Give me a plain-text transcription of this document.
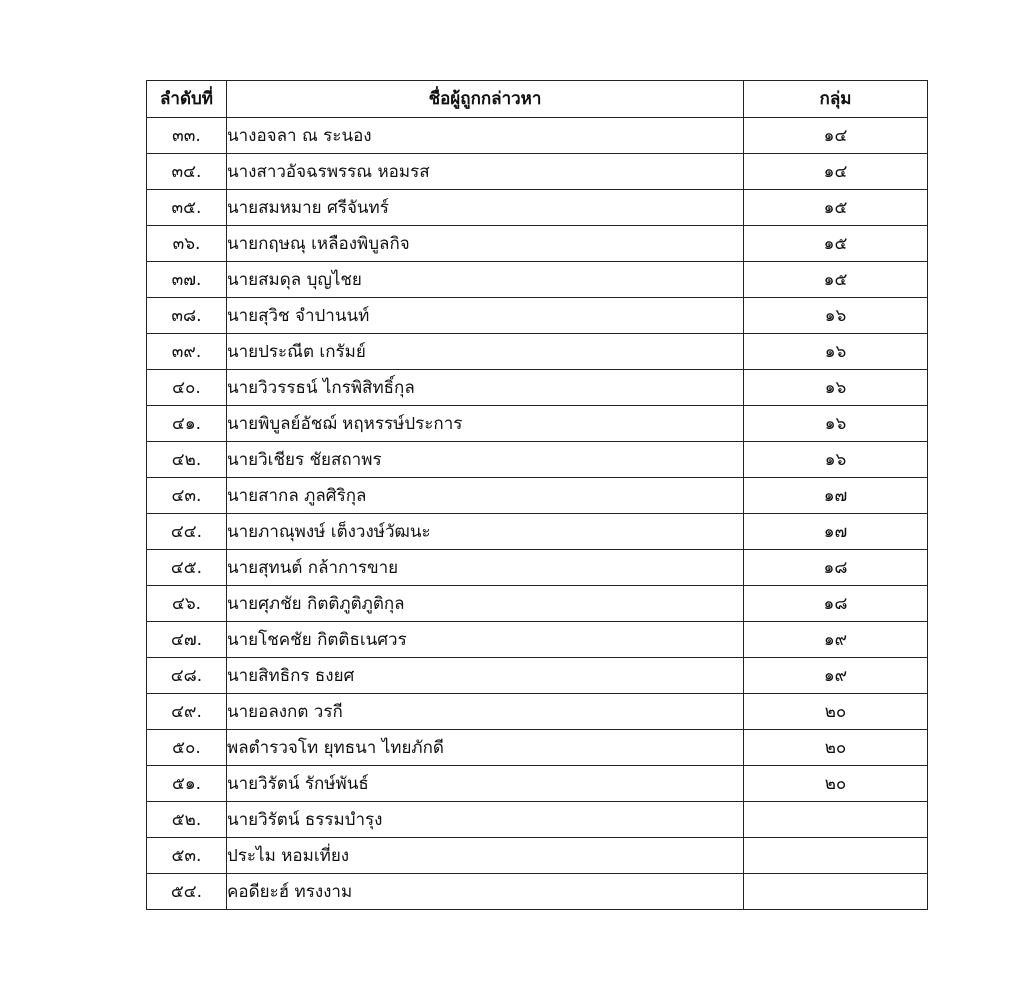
ลำดับที่	ชื่อผู้ถูกกล่าวหา	กลุ่ม
๓๓.	นางอจลา ณ ระนอง	๑๔
๓๔.	นางสาวอัจฉรพรรณ หอมรส	๑๔
๓๕.	นายสมหมาย ศรีจันทร์	๑๕
๓๖.	นายกฤษณุ เหลืองพิบูลกิจ	๑๕
๓๗.	นายสมดุล บุญไชย	๑๕
๓๘.	นายสุวิช จำปานนท์	๑๖
๓๙.	นายประณีต เกรัมย์	๑๖
๔๐.	นายวิวรรธน์ ไกรพิสิทธิ์กุล	๑๖
๔๑.	นายพิบูลย์อัชฌ์ หฤหรรษ์ประการ	๑๖
๔๒.	นายวิเชียร ชัยสถาพร	๑๖
๔๓.	นายสากล ภูลศิริกุล	๑๗
๔๔.	นายภาณุพงษ์ เต็งวงษ์วัฒนะ	๑๗
๔๕.	นายสุทนต์ กล้าการขาย	๑๘
๔๖.	นายศุภชัย กิตติภูติภูติกุล	๑๘
๔๗.	นายโชคชัย กิตติธเนศวร	๑๙
๔๘.	นายสิทธิกร ธงยศ	๑๙
๔๙.	นายอลงกต วรกี	๒๐
๕๐.	พลตำรวจโท ยุทธนา ไทยภักดี	๒๐
๕๑.	นายวิรัตน์ รักษ์พันธ์	๒๐
๕๒.	นายวิรัตน์ ธรรมบำรุง	
๕๓.	ประไม หอมเที่ยง	
๕๔.	คอดียะฮ์ ทรงงาม	
